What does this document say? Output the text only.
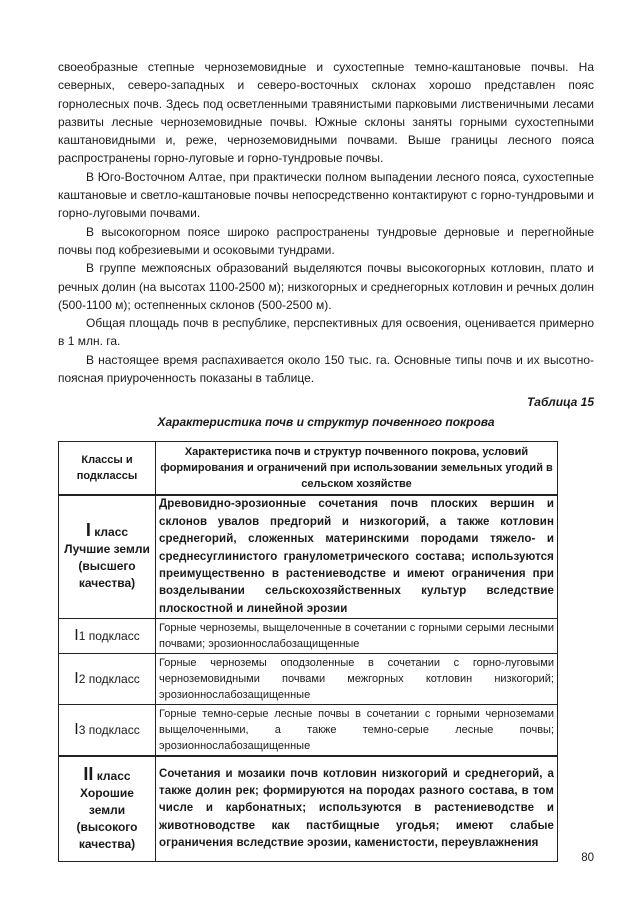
своеобразные степные черноземовидные и сухостепные темно-каштановые почвы. На северных, северо-западных и северо-восточных склонах хорошо представлен пояс горнолесных почв. Здесь под осветленными травянистыми парковыми лиственичными лесами развиты лесные черноземовидные почвы. Южные склоны заняты горными сухостепными каштановидными и, реже, черноземовидными почвами. Выше границы лесного пояса распространены горно-луговые и горно-тундровые почвы.

В Юго-Восточном Алтае, при практически полном выпадении лесного пояса, сухостепные каштановые и светло-каштановые почвы непосредственно контактируют с горно-тундровыми и горно-луговыми почвами.

В высокогорном поясе широко распространены тундровые дерновые и перегнойные почвы под кобрезиевыми и осоковыми тундрами.

В группе межпоясных образований выделяются почвы высокогорных котловин, плато и речных долин (на высотах 1100-2500 м); низкогорных и среднегорных котловин и речных долин (500-1100 м); остепненных склонов (500-2500 м).

Общая площадь почв в республике, перспективных для освоения, оценивается примерно в 1 млн. га.

В настоящее время распахивается около 150 тыс. га. Основные типы почв и их высотно-поясная приуроченность показаны в таблице.

Таблица 15
Характеристика почв и структур почвенного покрова
Классы и подклассы	Характеристика почв и структур почвенного покрова, условий формирования и ограничений при использовании земельных угодий в сельском хозяйстве
I класс Лучшие земли (высшего качества)	Древовидно-эрозионные сочетания почв плоских вершин и склонов увалов предгорий и низкогорий, а также котловин среднегорий, сложенных материнскими породами тяжело- и среднесуглинистого гранулометрического состава; используются преимущественно в растениеводстве и имеют ограничения при возделывании сельскохозяйственных культур вследствие плоскостной и линейной эрозии
I1 подкласс	Горные черноземы, выщелоченные в сочетании с горными серыми лесными почвами; эрозионнослабозащищенные
I2 подкласс	Горные черноземы оподзоленные в сочетании с горно-луговыми черноземовидными почвами межгорных котловин низкогорий; эрозионнослабозащищенные
I3 подкласс	Горные темно-серые лесные почвы в сочетании с горными черноземами выщелоченными, а также темно-серые лесные почвы; эрозионнослабозащищенные
II класс Хорошие земли (высокого качества)	Сочетания и мозаики почв котловин низкогорий и среднегорий, а также долин рек; формируются на породах разного состава, в том числе и карбонатных; используются в растениеводстве и животноводстве как пастбищные угодья; имеют слабые ограничения вследствие эрозии, каменистости, переувлажнения
80
